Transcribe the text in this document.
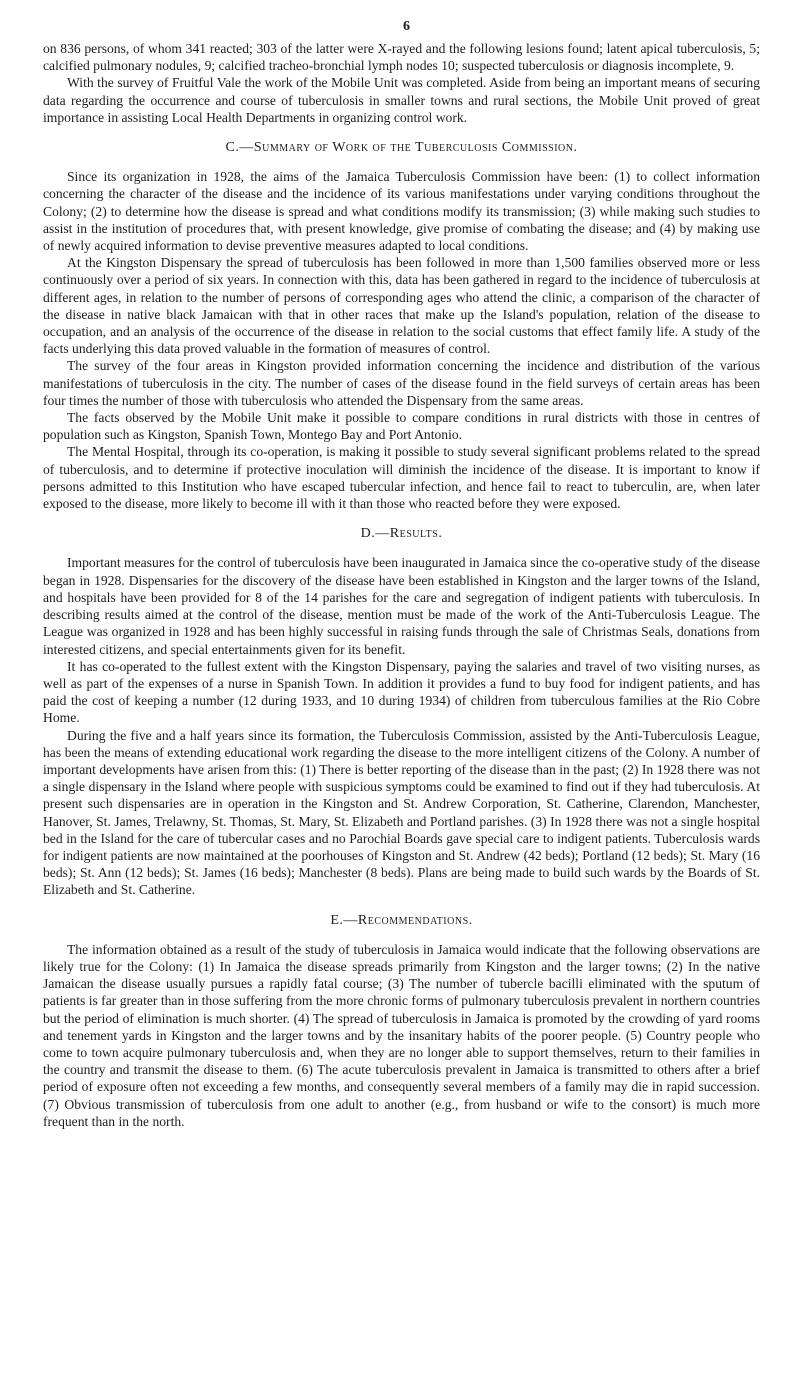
6

on 836 persons, of whom 341 reacted; 303 of the latter were X-rayed and the following lesions found; latent apical tuberculosis, 5; calcified pulmonary nodules, 9; calcified tracheo-bronchial lymph nodes 10; suspected tuberculosis or diagnosis incomplete, 9.

With the survey of Fruitful Vale the work of the Mobile Unit was completed. Aside from being an important means of securing data regarding the occurrence and course of tuberculosis in smaller towns and rural sections, the Mobile Unit proved of great importance in assisting Local Health Departments in organizing control work.

C.—Summary of Work of the Tuberculosis Commission.

Since its organization in 1928, the aims of the Jamaica Tuberculosis Commission have been: (1) to collect information concerning the character of the disease and the incidence of its various manifestations under varying conditions throughout the Colony; (2) to determine how the disease is spread and what conditions modify its transmission; (3) while making such studies to assist in the institution of procedures that, with present knowledge, give promise of combating the disease; and (4) by making use of newly acquired information to devise preventive measures adapted to local conditions.

At the Kingston Dispensary the spread of tuberculosis has been followed in more than 1,500 families observed more or less continuously over a period of six years. In connection with this, data has been gathered in regard to the incidence of tuberculosis at different ages, in relation to the number of persons of corresponding ages who attend the clinic, a comparison of the character of the disease in native black Jamaican with that in other races that make up the Island's population, relation of the disease to occupation, and an analysis of the occurrence of the disease in relation to the social customs that effect family life. A study of the facts underlying this data proved valuable in the formation of measures of control.

The survey of the four areas in Kingston provided information concerning the incidence and distribution of the various manifestations of tuberculosis in the city. The number of cases of the disease found in the field surveys of certain areas has been four times the number of those with tuberculosis who attended the Dispensary from the same areas.

The facts observed by the Mobile Unit make it possible to compare conditions in rural districts with those in centres of population such as Kingston, Spanish Town, Montego Bay and Port Antonio.

The Mental Hospital, through its co-operation, is making it possible to study several significant problems related to the spread of tuberculosis, and to determine if protective inoculation will diminish the incidence of the disease. It is important to know if persons admitted to this Institution who have escaped tubercular infection, and hence fail to react to tuberculin, are, when later exposed to the disease, more likely to become ill with it than those who reacted before they were exposed.

D.—Results.

Important measures for the control of tuberculosis have been inaugurated in Jamaica since the co-operative study of the disease began in 1928. Dispensaries for the discovery of the disease have been established in Kingston and the larger towns of the Island, and hospitals have been provided for 8 of the 14 parishes for the care and segregation of indigent patients with tuberculosis. In describing results aimed at the control of the disease, mention must be made of the work of the Anti-Tuberculosis League. The League was organized in 1928 and has been highly successful in raising funds through the sale of Christmas Seals, donations from interested citizens, and special entertainments given for its benefit.

It has co-operated to the fullest extent with the Kingston Dispensary, paying the salaries and travel of two visiting nurses, as well as part of the expenses of a nurse in Spanish Town. In addition it provides a fund to buy food for indigent patients, and has paid the cost of keeping a number (12 during 1933, and 10 during 1934) of children from tuberculous families at the Rio Cobre Home.

During the five and a half years since its formation, the Tuberculosis Commission, assisted by the Anti-Tuberculosis League, has been the means of extending educational work regarding the disease to the more intelligent citizens of the Colony. A number of important developments have arisen from this: (1) There is better reporting of the disease than in the past; (2) In 1928 there was not a single dispensary in the Island where people with suspicious symptoms could be examined to find out if they had tuberculosis. At present such dispensaries are in operation in the Kingston and St. Andrew Corporation, St. Catherine, Clarendon, Manchester, Hanover, St. James, Trelawny, St. Thomas, St. Mary, St. Elizabeth and Portland parishes. (3) In 1928 there was not a single hospital bed in the Island for the care of tubercular cases and no Parochial Boards gave special care to indigent patients. Tuberculosis wards for indigent patients are now maintained at the poorhouses of Kingston and St. Andrew (42 beds); Portland (12 beds); St. Mary (16 beds); St. Ann (12 beds); St. James (16 beds); Manchester (8 beds). Plans are being made to build such wards by the Boards of St. Elizabeth and St. Catherine.

E.—Recommendations.

The information obtained as a result of the study of tuberculosis in Jamaica would indicate that the following observations are likely true for the Colony: (1) In Jamaica the disease spreads primarily from Kingston and the larger towns; (2) In the native Jamaican the disease usually pursues a rapidly fatal course; (3) The number of tubercle bacilli eliminated with the sputum of patients is far greater than in those suffering from the more chronic forms of pulmonary tuberculosis prevalent in northern countries but the period of elimination is much shorter. (4) The spread of tuberculosis in Jamaica is promoted by the crowding of yard rooms and tenement yards in Kingston and the larger towns and by the insanitary habits of the poorer people. (5) Country people who come to town acquire pulmonary tuberculosis and, when they are no longer able to support themselves, return to their families in the country and transmit the disease to them. (6) The acute tuberculosis prevalent in Jamaica is transmitted to others after a brief period of exposure often not exceeding a few months, and consequently several members of a family may die in rapid succession. (7) Obvious transmission of tuberculosis from one adult to another (e.g., from husband or wife to the consort) is much more frequent than in the north.
